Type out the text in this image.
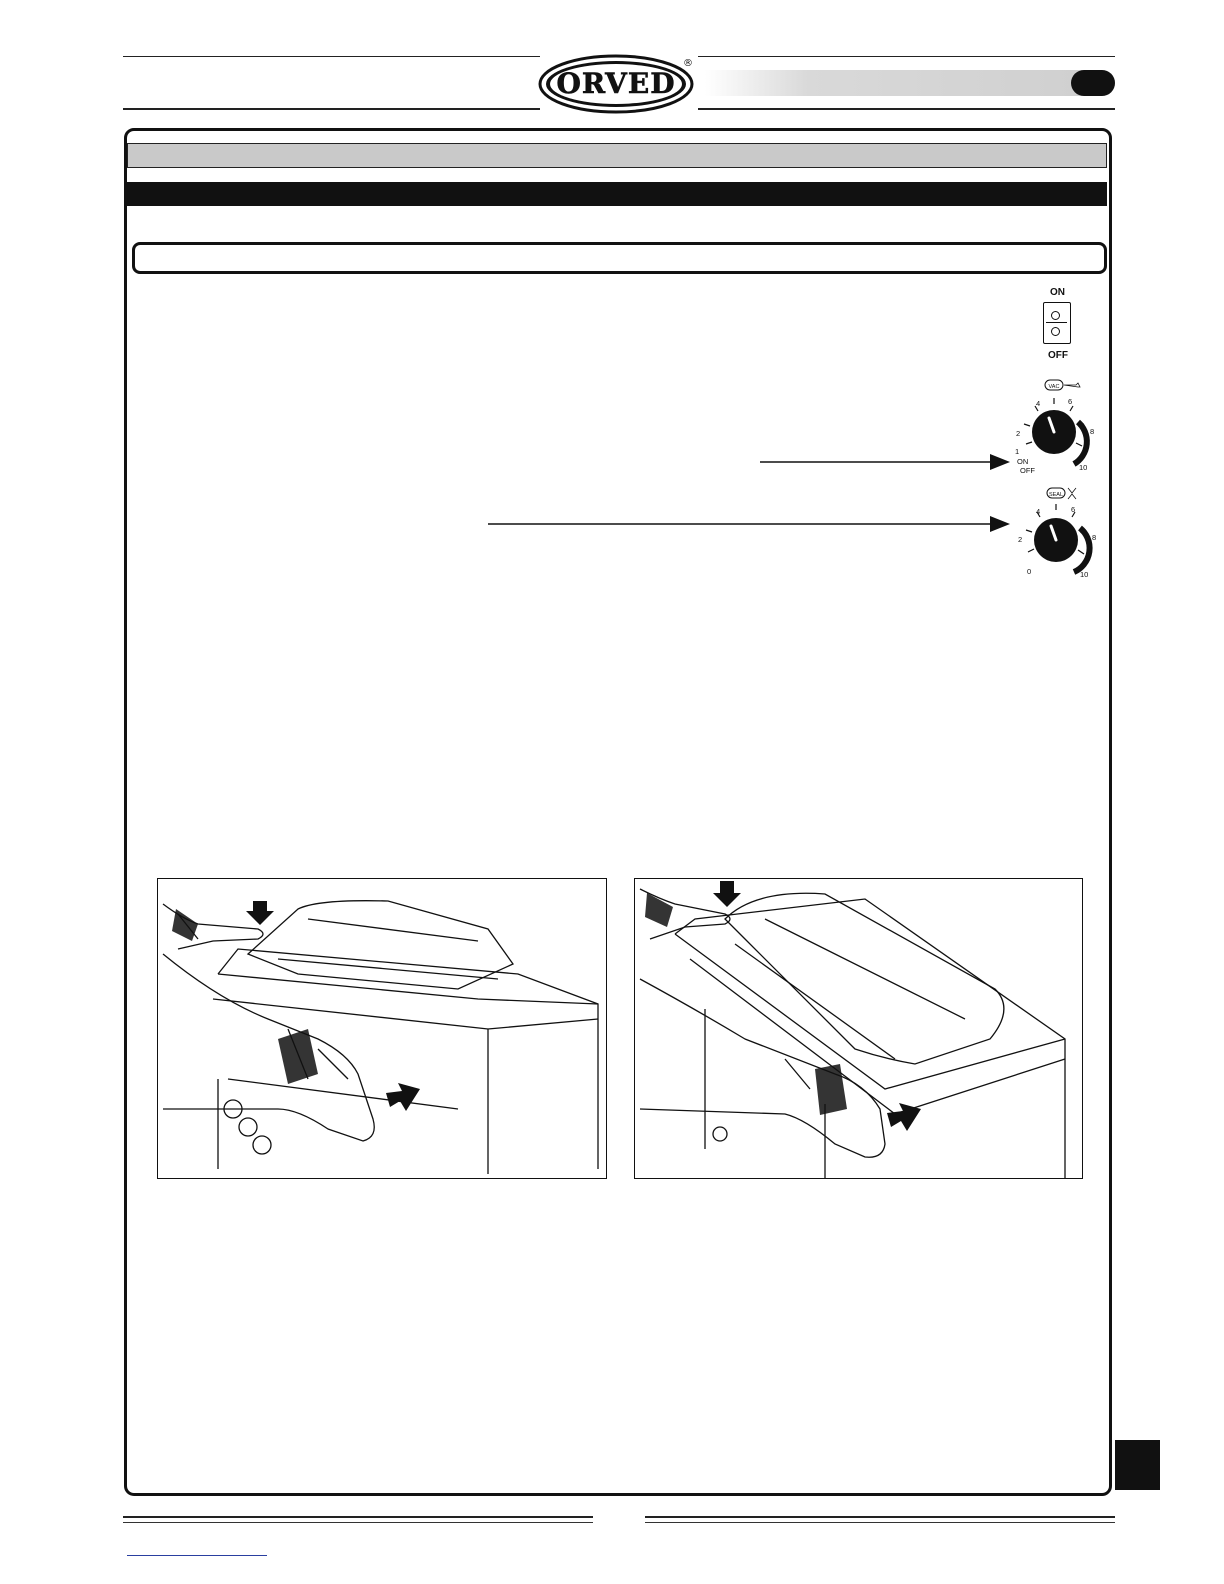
ORVED
®
ON
OFF
VAC
4	6
2	8
1
10
ON
OFF
SEAL
4	6
2	8
0	10
